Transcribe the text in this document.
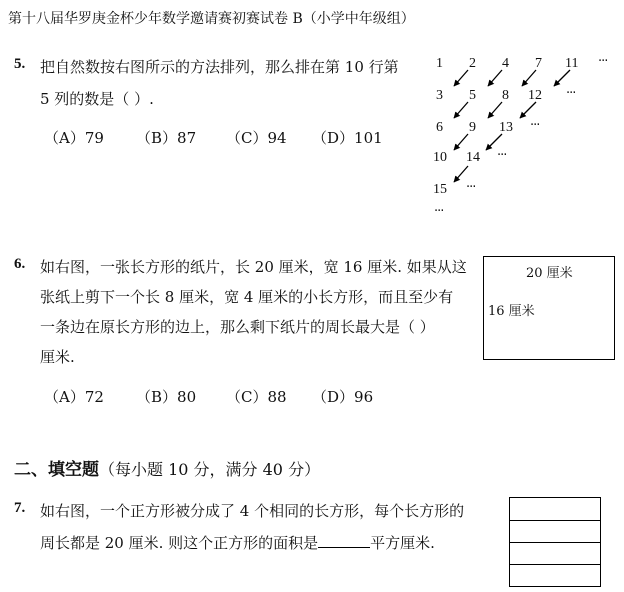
第十八届华罗庚金杯少年数学邀请赛初赛试卷 B（小学中年级组）
5. 把自然数按右图所示的方法排列，那么排在第 10 行第
5 列的数是（ ）.
（A）79 （B）87 （C）94 （D）101
1 2 4 7 11 ···
3 5 8 12 ···
6 9 13 ···
10 14 ···
15 ···
···
6. 如右图，一张长方形的纸片，长 20 厘米，宽 16 厘米. 如果从这
张纸上剪下一个长 8 厘米，宽 4 厘米的小长方形，而且至少有
一条边在原长方形的边上，那么剩下纸片的周长最大是（ ）
厘米.
（A）72 （B）80 （C）88 （D）96
20 厘米
16 厘米
二、填空题（每小题 10 分，满分 40 分）
7. 如右图，一个正方形被分成了 4 个相同的长方形，每个长方形的
周长都是 20 厘米. 则这个正方形的面积是	平方厘米.
